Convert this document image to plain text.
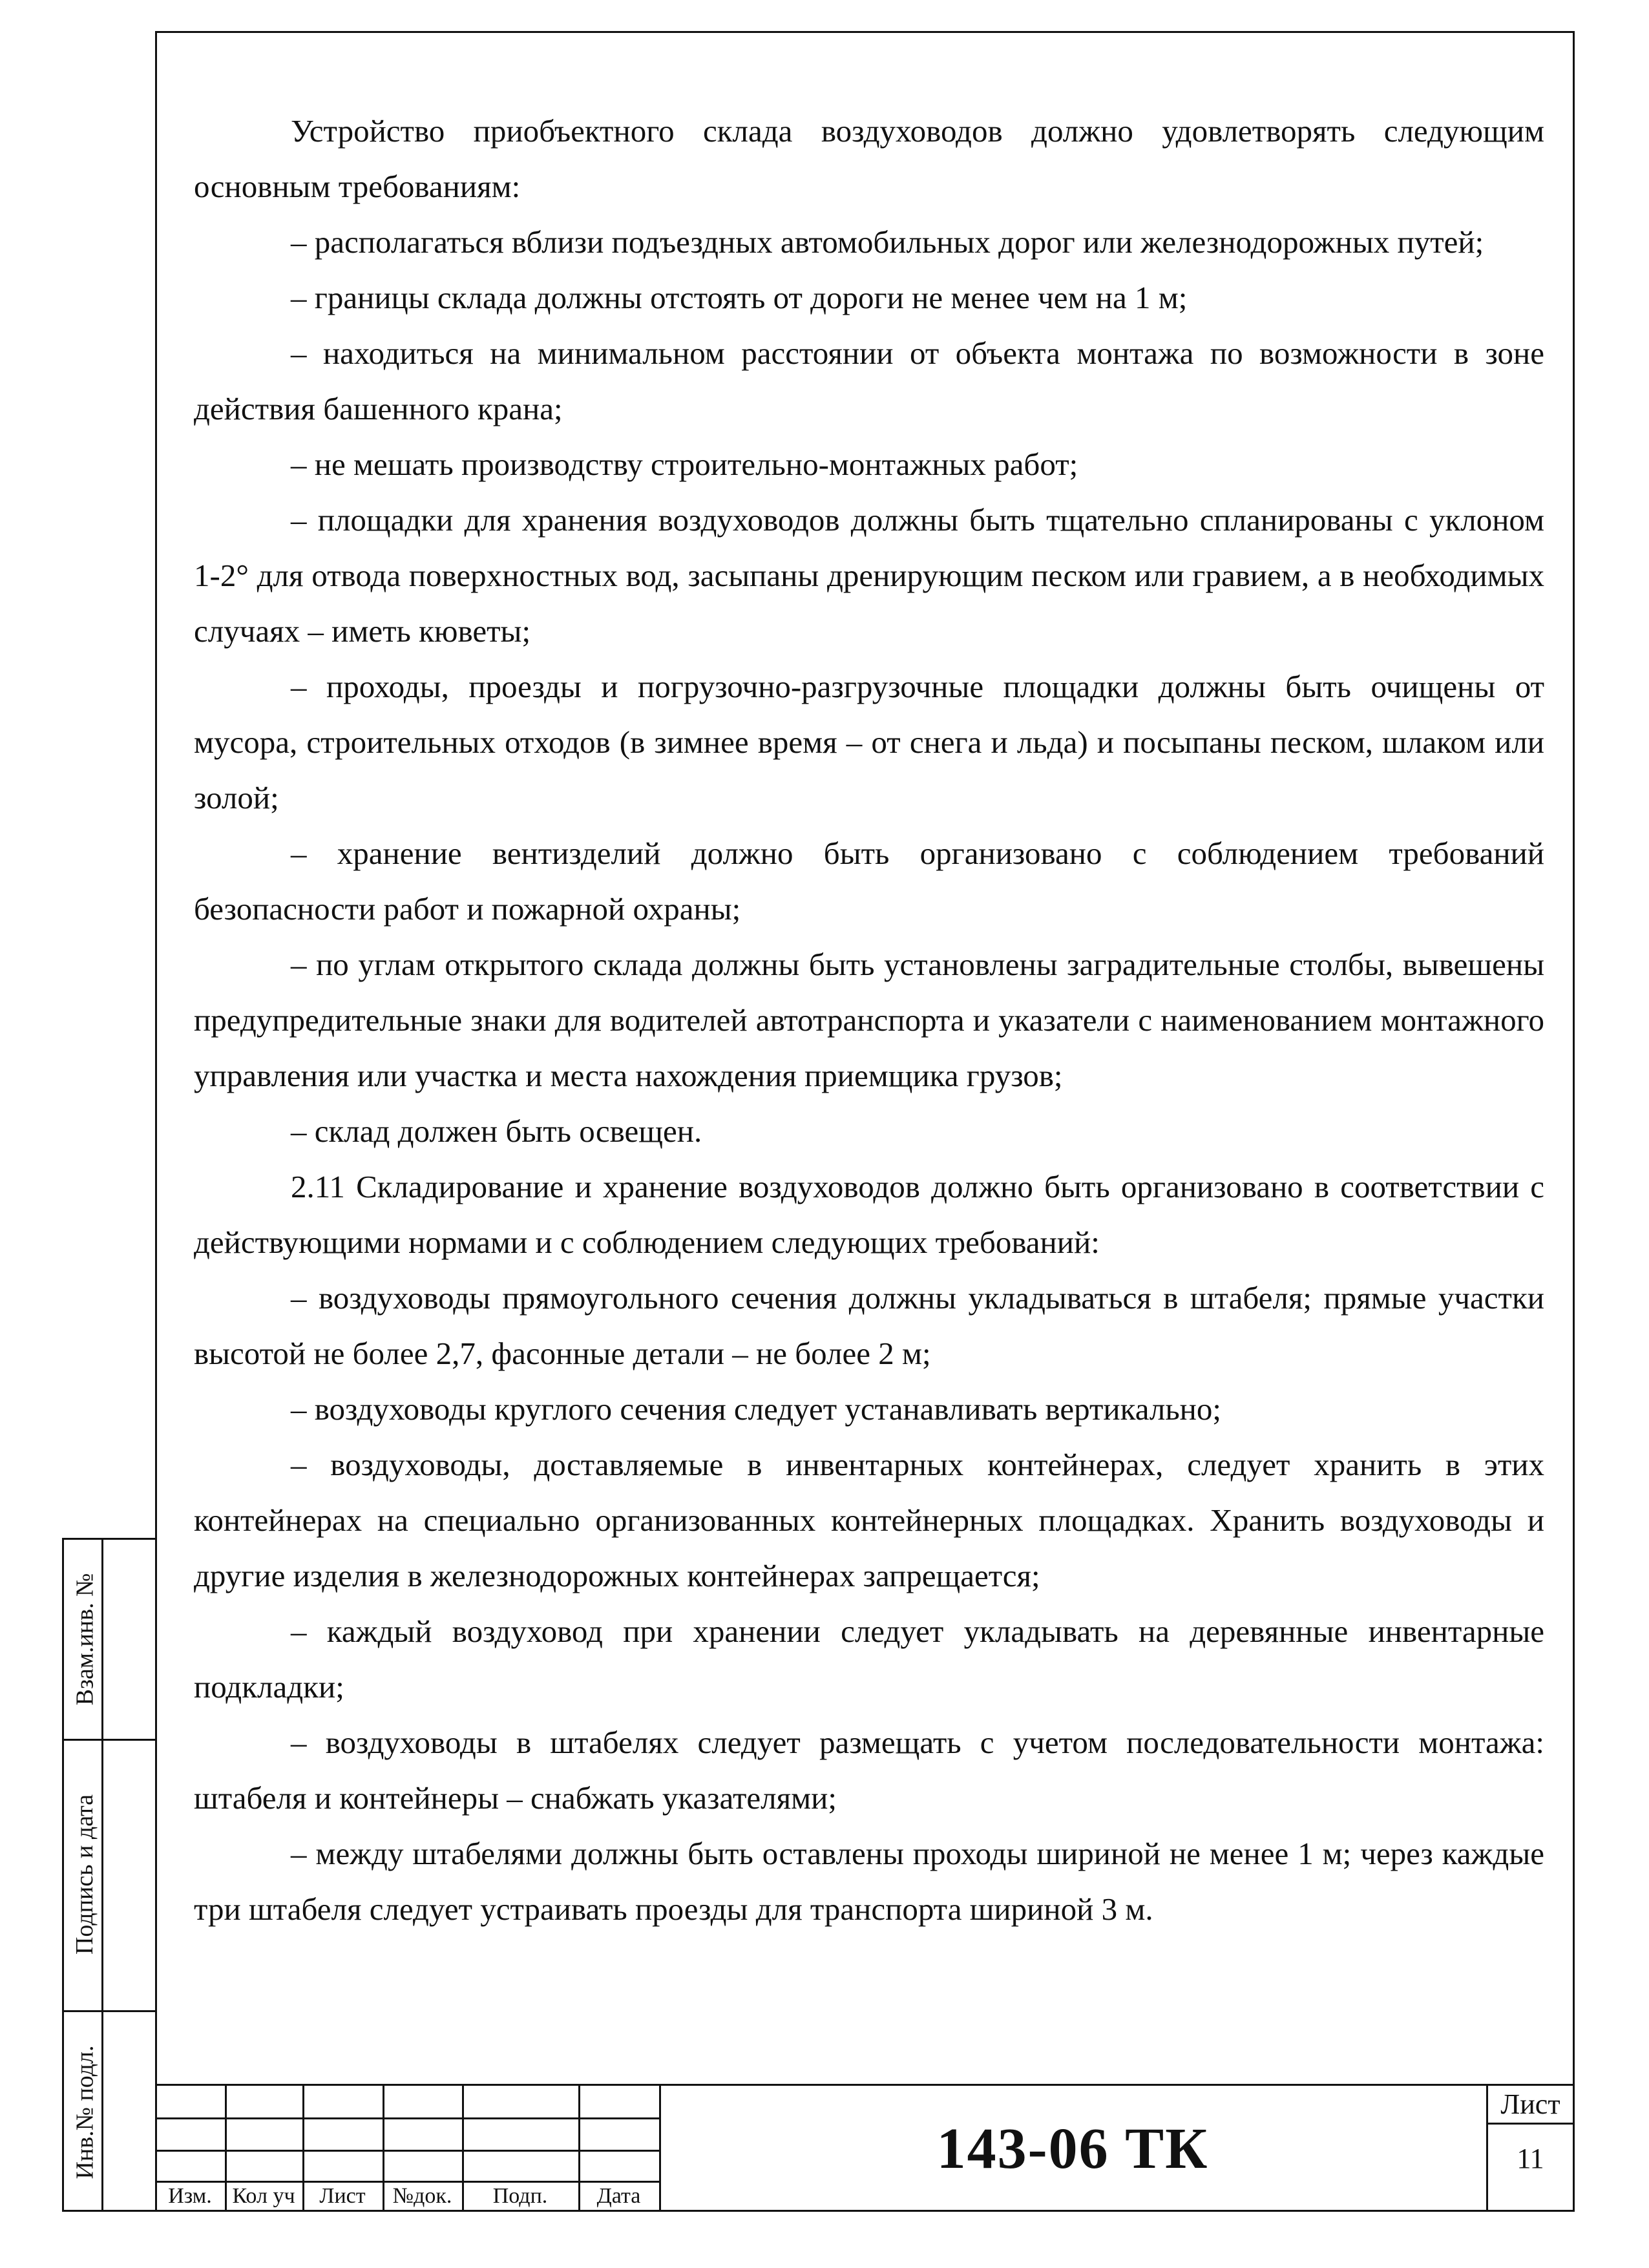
Устройство приобъектного склада воздуховодов должно удовлетворять следующим основным требованиям:

– располагаться вблизи подъездных автомобильных дорог или железнодорожных путей;

– границы склада должны отстоять от дороги не менее чем на 1 м;

– находиться на минимальном расстоянии от объекта монтажа по возможности в зоне действия башенного крана;

– не мешать производству строительно-монтажных работ;

– площадки для хранения воздуховодов должны быть тщательно спланированы с уклоном 1-2° для отвода поверхностных вод, засыпаны дренирующим песком или гравием, а в необходимых случаях – иметь кюветы;

– проходы, проезды и погрузочно-разгрузочные площадки должны быть очищены от мусора, строительных отходов (в зимнее время – от снега и льда) и посыпаны песком, шлаком или золой;

– хранение вентизделий должно быть организовано с соблюдением требований безопасности работ и пожарной охраны;

– по углам открытого склада должны быть установлены заградительные столбы, вывешены предупредительные знаки для водителей автотранспорта и указатели с наименованием монтажного управления или участка и места нахождения приемщика грузов;

– склад должен быть освещен.

2.11 Складирование и хранение воздуховодов должно быть организовано в соответствии с действующими нормами и с соблюдением следующих требований:

– воздуховоды прямоугольного сечения должны укладываться в штабеля; прямые участки высотой не более 2,7, фасонные детали – не более 2 м;

– воздуховоды круглого сечения следует устанавливать вертикально;

– воздуховоды, доставляемые в инвентарных контейнерах, следует хранить в этих контейнерах на специально организованных контейнерных площадках. Хранить воздуховоды и другие изделия в железнодорожных контейнерах запрещается;

– каждый воздуховод при хранении следует укладывать на деревянные инвентарные подкладки;

– воздуховоды в штабелях следует размещать с учетом последовательности монтажа: штабеля и контейнеры – снабжать указателями;

– между штабелями должны быть оставлены проходы шириной не менее 1 м; через каждые три штабеля следует устраивать проезды для транспорта шириной 3 м.

Взам.инв. №
Подпись и дата
Инв.№ подл.
Изм. Кол уч	Лист	№док.	Подп.	Дата
143-06 ТК
Лист
11
